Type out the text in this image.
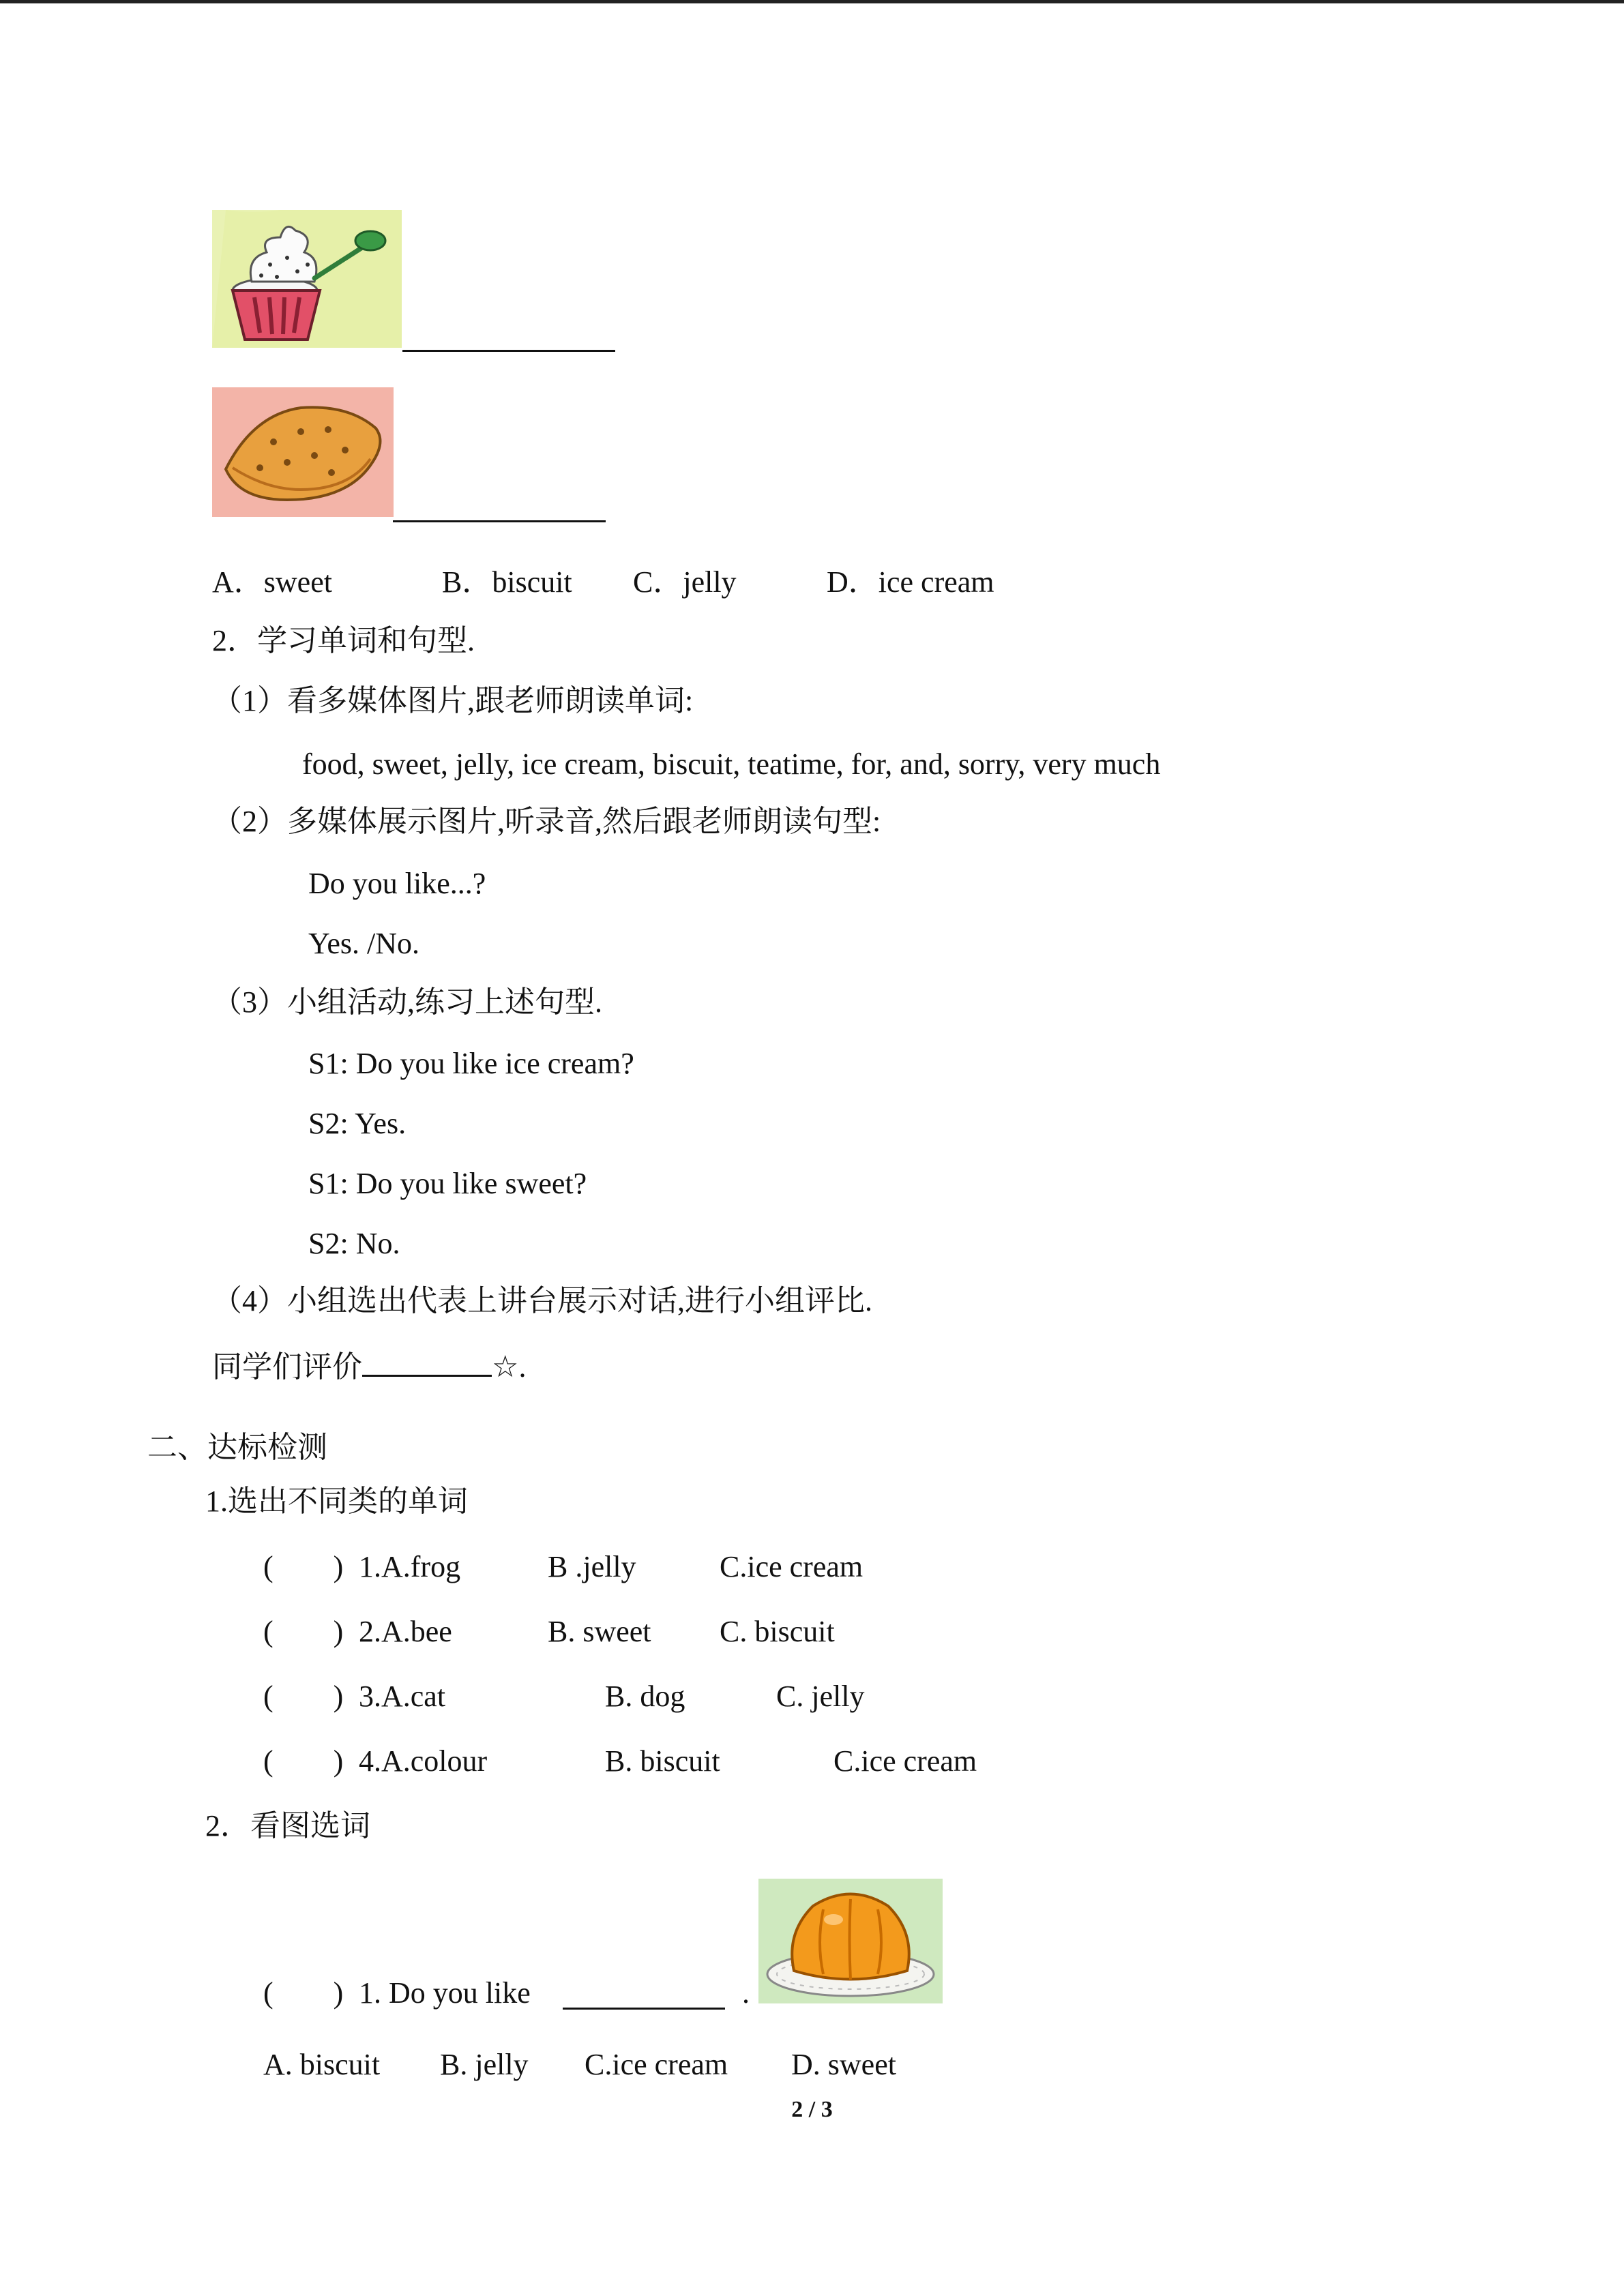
A．sweet	B．biscuit C．jelly	D．ice cream
2．学习单词和句型.
（1）看多媒体图片,跟老师朗读单词:
food, sweet, jelly, ice cream, biscuit, teatime, for, and, sorry, very much
（2）多媒体展示图片,听录音,然后跟老师朗读句型:
Do you like...?
Yes. /No.
（3）小组活动,练习上述句型.
S1: Do you like ice cream?
S2: Yes.
S1: Do you like sweet?
S2: No.
（4）小组选出代表上讲台展示对话,进行小组评比.
同学们评价	☆.
二、达标检测
1.选出不同类的单词
(        ) 1.A.frog	B .jelly	C.ice cream
(        ) 2.A.bee	B. sweet C. biscuit
(        ) 3.A.cat	B. dog	C. jelly
(        ) 4.A.colour	B. biscuit	C.ice cream
2．看图选词
(        ) 1. Do you like	.
A. biscuit B. jelly C.ice cream D. sweet
2 / 3
